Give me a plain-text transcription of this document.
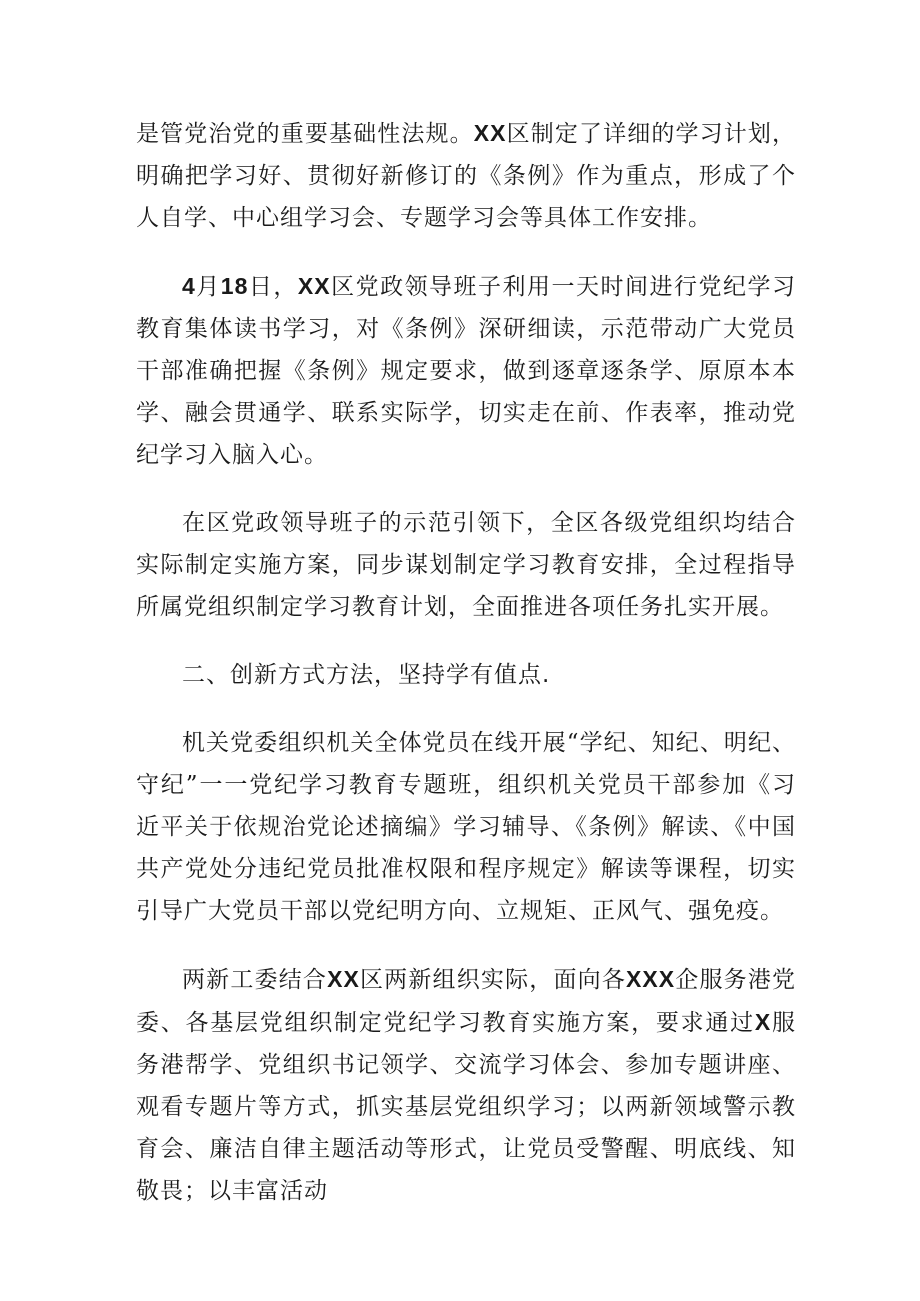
是管党治党的重要基础性法规。XX区制定了详细的学习计划，明确把学习好、贯彻好新修订的《条例》作为重点，形成了个人自学、中心组学习会、专题学习会等具体工作安排。

4月18日，XX区党政领导班子利用一天时间进行党纪学习教育集体读书学习，对《条例》深研细读，示范带动广大党员干部准确把握《条例》规定要求，做到逐章逐条学、原原本本学、融会贯通学、联系实际学，切实走在前、作表率，推动党纪学习入脑入心。

在区党政领导班子的示范引领下，全区各级党组织均结合实际制定实施方案，同步谋划制定学习教育安排，全过程指导所属党组织制定学习教育计划，全面推进各项任务扎实开展。

二、创新方式方法，坚持学有值点.

机关党委组织机关全体党员在线开展“学纪、知纪、明纪、守纪”一一党纪学习教育专题班，组织机关党员干部参加《习近平关于依规治党论述摘编》学习辅导、《条例》解读、《中国共产党处分违纪党员批准权限和程序规定》解读等课程，切实引导广大党员干部以党纪明方向、立规矩、正风气、强免疫。

两新工委结合XX区两新组织实际，面向各XXX企服务港党委、各基层党组织制定党纪学习教育实施方案，要求通过X服务港帮学、党组织书记领学、交流学习体会、参加专题讲座、观看专题片等方式，抓实基层党组织学习；以两新领域警示教育会、廉洁自律主题活动等形式，让党员受警醒、明底线、知敬畏；以丰富活动
